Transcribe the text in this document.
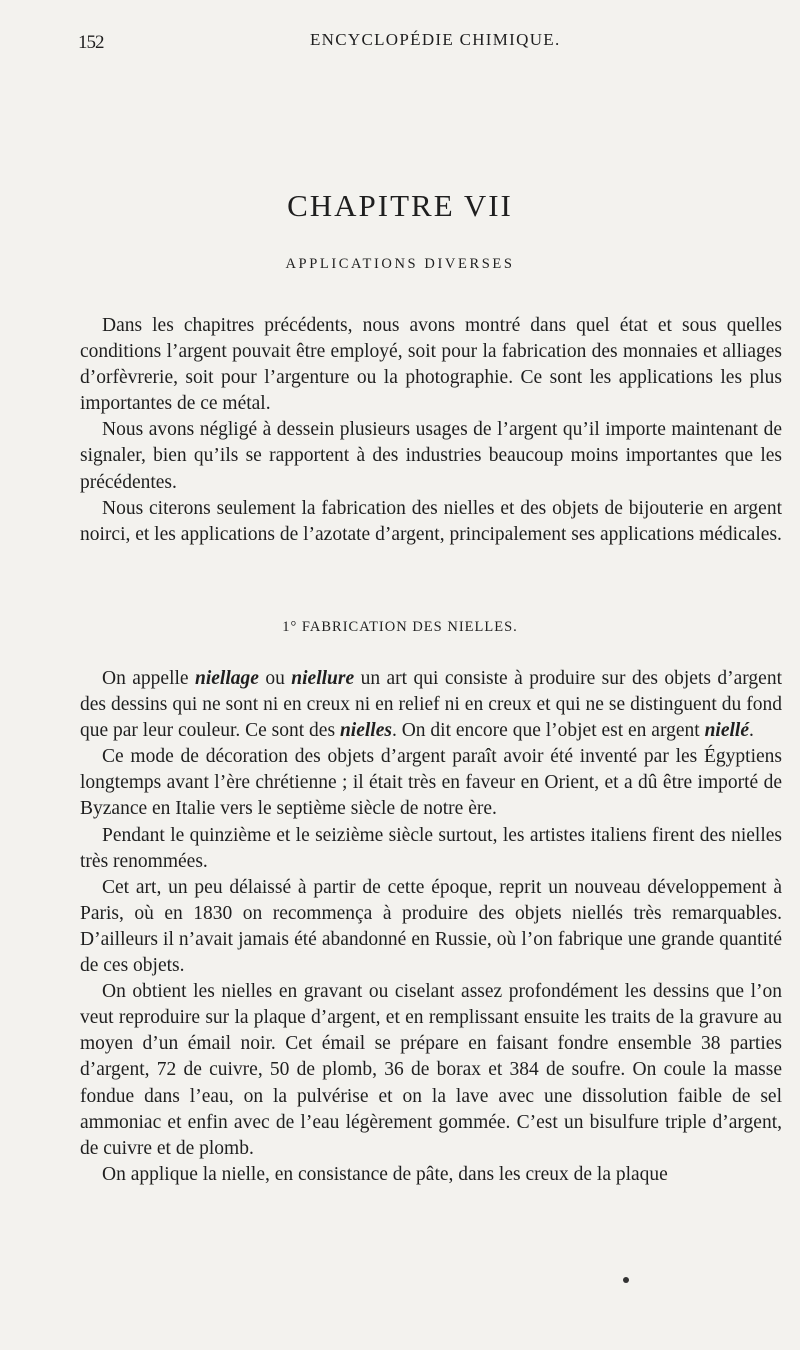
152	ENCYCLOPÉDIE CHIMIQUE.
CHAPITRE VII
APPLICATIONS DIVERSES

Dans les chapitres précédents, nous avons montré dans quel état et sous quelles conditions l’argent pouvait être employé, soit pour la fabrication des monnaies et alliages d’orfèvrerie, soit pour l’argenture ou la photographie. Ce sont les applications les plus importantes de ce métal.

Nous avons négligé à dessein plusieurs usages de l’argent qu’il importe maintenant de signaler, bien qu’ils se rapportent à des industries beaucoup moins importantes que les précédentes.

Nous citerons seulement la fabrication des nielles et des objets de bijouterie en argent noirci, et les applications de l’azotate d’argent, principalement ses applications médicales.

1° FABRICATION DES NIELLES.

On appelle niellage ou niellure un art qui consiste à produire sur des objets d’argent des dessins qui ne sont ni en creux ni en relief ni en creux et qui ne se distinguent du fond que par leur couleur. Ce sont des nielles. On dit encore que l’objet est en argent niellé.

Ce mode de décoration des objets d’argent paraît avoir été inventé par les Égyptiens longtemps avant l’ère chrétienne ; il était très en faveur en Orient, et a dû être importé de Byzance en Italie vers le septième siècle de notre ère.

Pendant le quinzième et le seizième siècle surtout, les artistes italiens firent des nielles très renommées.

Cet art, un peu délaissé à partir de cette époque, reprit un nouveau développement à Paris, où en 1830 on recommença à produire des objets niellés très remarquables. D’ailleurs il n’avait jamais été abandonné en Russie, où l’on fabrique une grande quantité de ces objets.

On obtient les nielles en gravant ou ciselant assez profondément les dessins que l’on veut reproduire sur la plaque d’argent, et en remplissant ensuite les traits de la gravure au moyen d’un émail noir. Cet émail se prépare en faisant fondre ensemble 38 parties d’argent, 72 de cuivre, 50 de plomb, 36 de borax et 384 de soufre. On coule la masse fondue dans l’eau, on la pulvérise et on la lave avec une dissolution faible de sel ammoniac et enfin avec de l’eau légèrement gommée. C’est un bisulfure triple d’argent, de cuivre et de plomb.

On applique la nielle, en consistance de pâte, dans les creux de la plaque
